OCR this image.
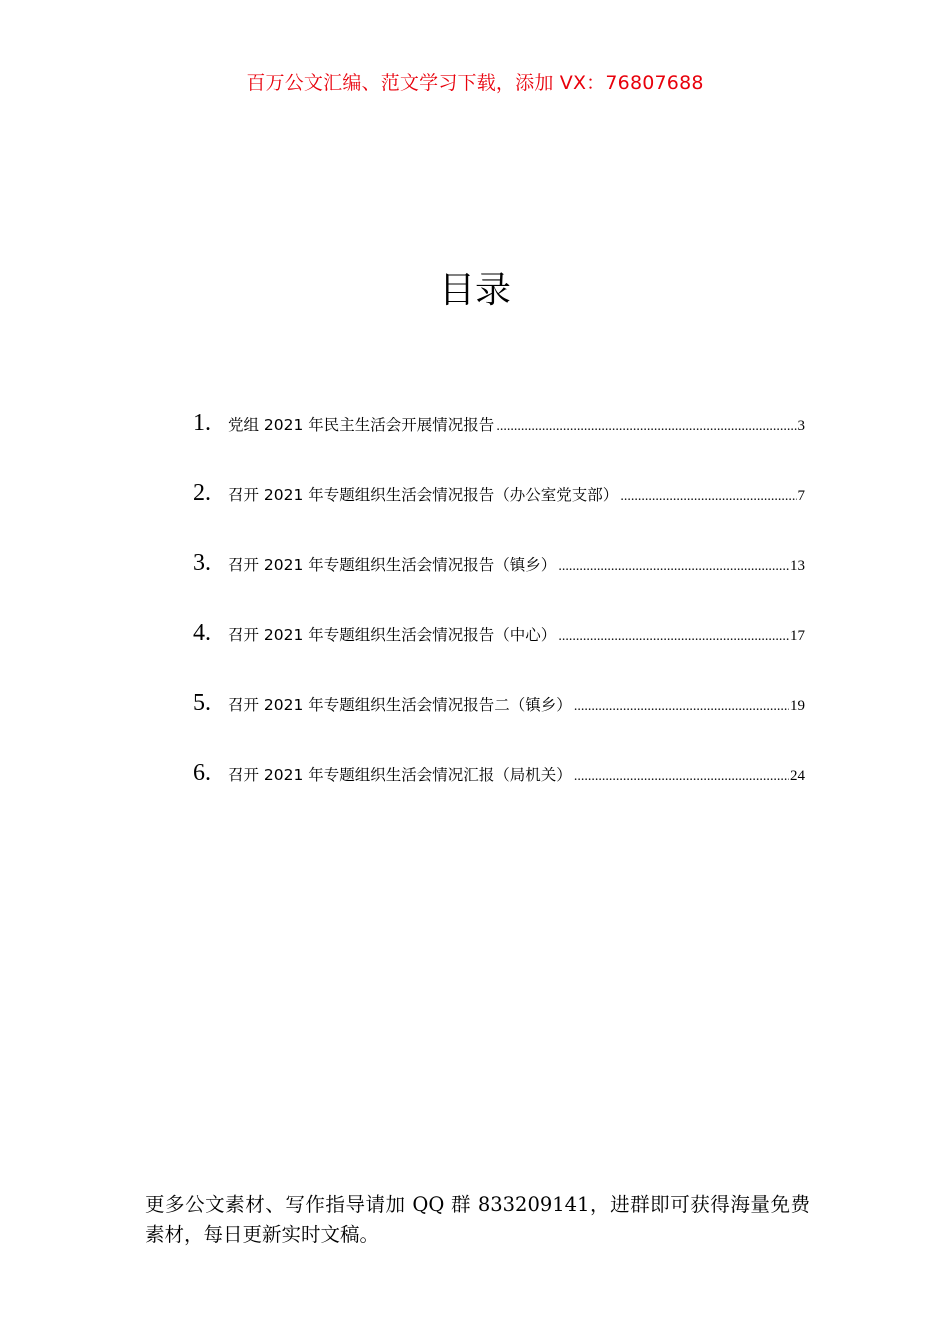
百万公文汇编、范文学习下载，添加 VX：76807688
目录
1.	党组 2021 年民主生活会开展情况报告 .....	3
2.	召开 2021 年专题组织生活会情况报告（办公室党支部） .....	7
3.	召开 2021 年专题组织生活会情况报告（镇乡） .....	13
4.	召开 2021 年专题组织生活会情况报告（中心） .....	17
5.	召开 2021 年专题组织生活会情况报告二（镇乡） .....	19
6.	召开 2021 年专题组织生活会情况汇报（局机关） .....	24

更多公文素材、写作指导请加 QQ 群 833209141，进群即可获得海量免费素材，每日更新实时文稿。
